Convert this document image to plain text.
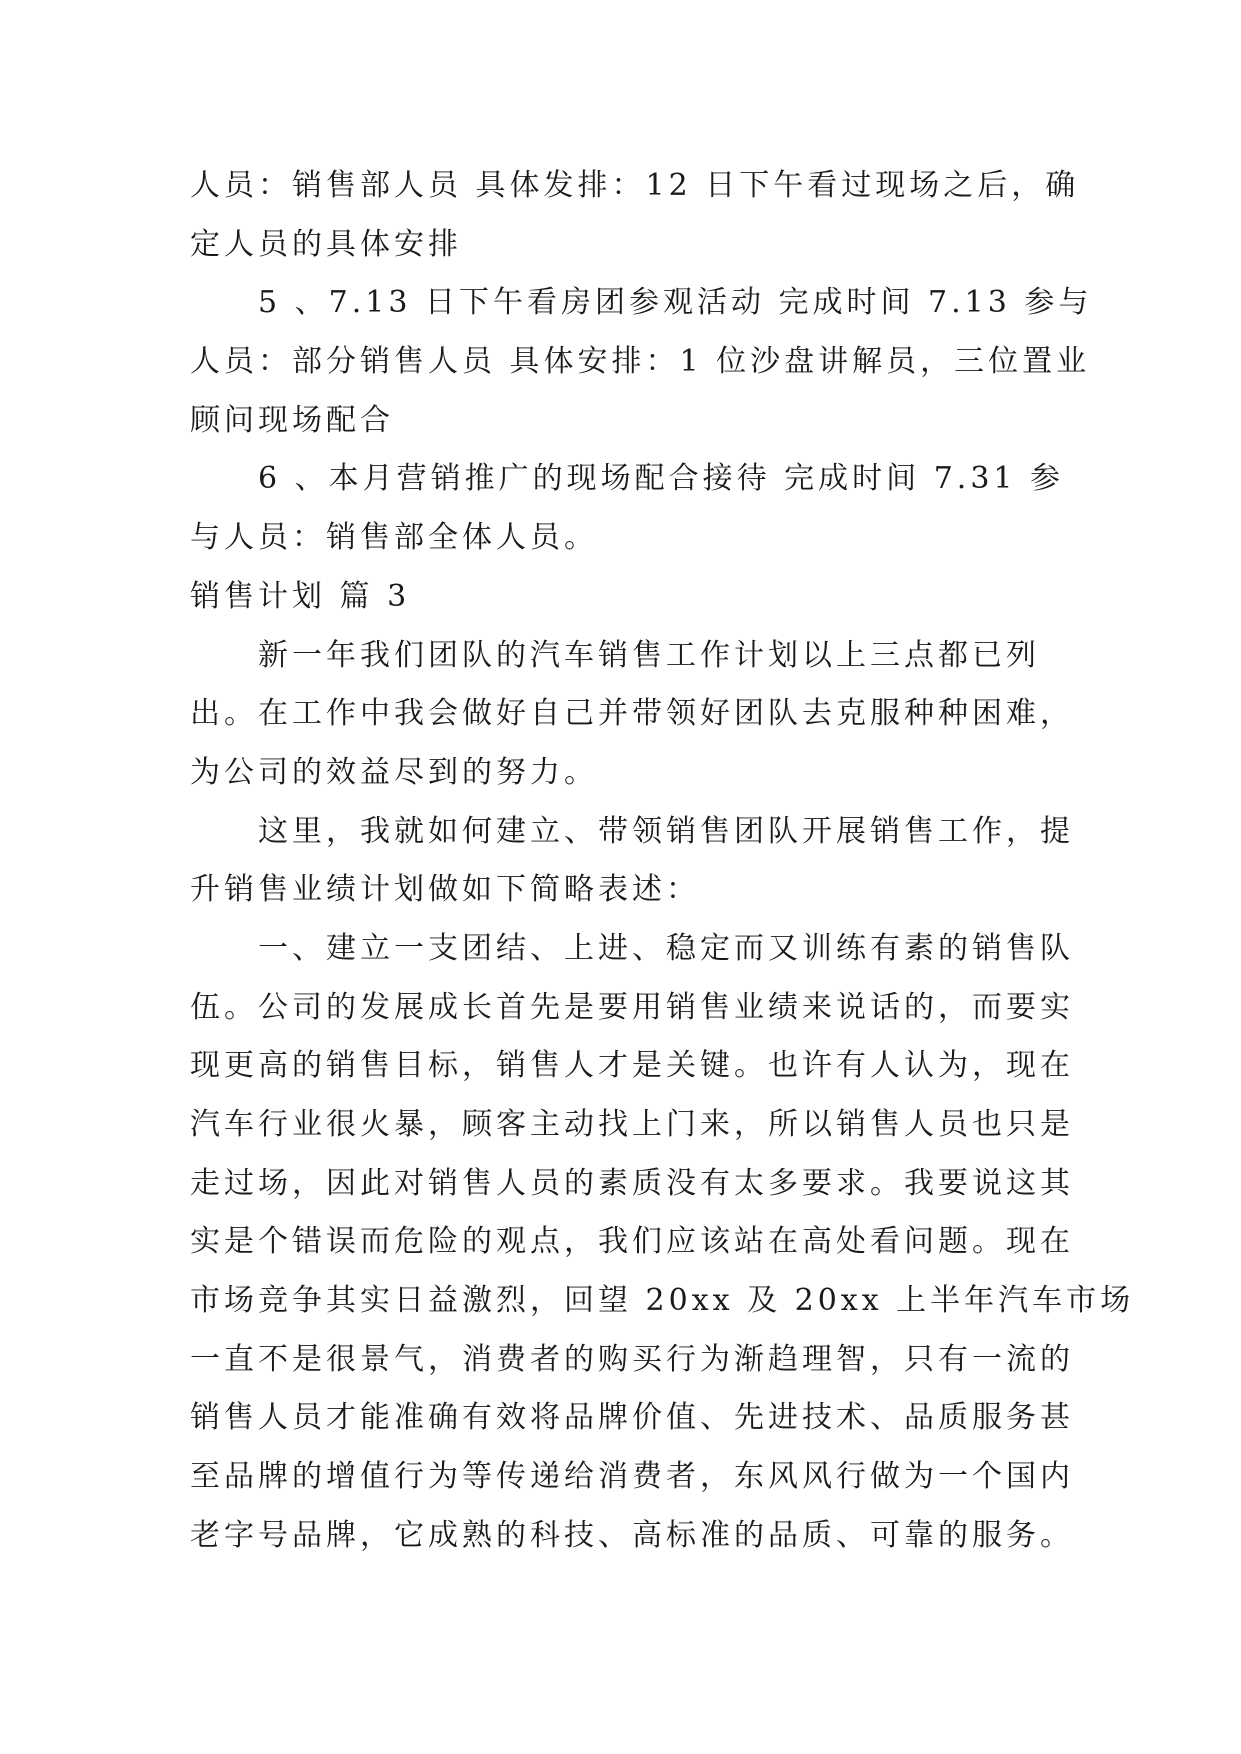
人员：销售部人员 具体发排：12 日下午看过现场之后，确
定人员的具体安排
5 、7.13 日下午看房团参观活动 完成时间 7.13 参与
人员：部分销售人员 具体安排：1 位沙盘讲解员，三位置业
顾问现场配合
6 、本月营销推广的现场配合接待 完成时间 7.31 参
与人员：销售部全体人员。
销售计划 篇 3
新一年我们团队的汽车销售工作计划以上三点都已列
出。在工作中我会做好自己并带领好团队去克服种种困难，
为公司的效益尽到的努力。
这里，我就如何建立、带领销售团队开展销售工作，提
升销售业绩计划做如下简略表述：
一、建立一支团结、上进、稳定而又训练有素的销售队
伍。公司的发展成长首先是要用销售业绩来说话的，而要实
现更高的销售目标，销售人才是关键。也许有人认为，现在
汽车行业很火暴，顾客主动找上门来，所以销售人员也只是
走过场，因此对销售人员的素质没有太多要求。我要说这其
实是个错误而危险的观点，我们应该站在高处看问题。现在
市场竞争其实日益激烈，回望 20xx 及 20xx 上半年汽车市场
一直不是很景气，消费者的购买行为渐趋理智，只有一流的
销售人员才能准确有效将品牌价值、先进技术、品质服务甚
至品牌的增值行为等传递给消费者，东风风行做为一个国内
老字号品牌，它成熟的科技、高标准的品质、可靠的服务。
